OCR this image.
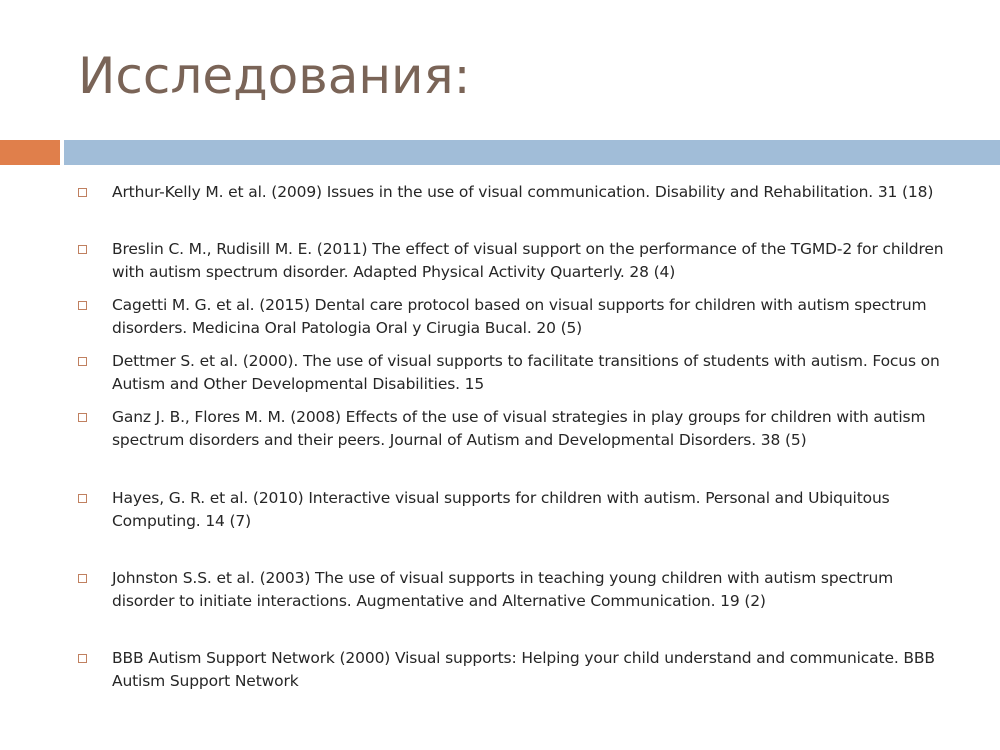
Исследования:
Arthur-Kelly M. et al. (2009) Issues in the use of visual communication. Disability and Rehabilitation. 31 (18)
Breslin C. M., Rudisill M. E. (2011) The effect of visual support on the performance of the TGMD-2 for children with autism spectrum disorder. Adapted Physical Activity Quarterly. 28 (4)
Cagetti M. G. et al. (2015) Dental care protocol based on visual supports for children with autism spectrum disorders. Medicina Oral Patologia Oral y Cirugia Bucal. 20 (5)
Dettmer S. et al. (2000). The use of visual supports to facilitate transitions of students with autism. Focus on Autism and Other Developmental Disabilities. 15
Ganz J. B., Flores M. M. (2008) Effects of the use of visual strategies in play groups for children with autism spectrum disorders and their peers. Journal of Autism and Developmental Disorders. 38 (5)
Hayes, G. R. et al. (2010) Interactive visual supports for children with autism. Personal and Ubiquitous Computing. 14 (7)
Johnston S.S. et al. (2003) The use of visual supports in teaching young children with autism spectrum disorder to initiate interactions. Augmentative and Alternative Communication. 19 (2)
BBB Autism Support Network (2000) Visual supports: Helping your child understand and communicate. BBB Autism Support Network
